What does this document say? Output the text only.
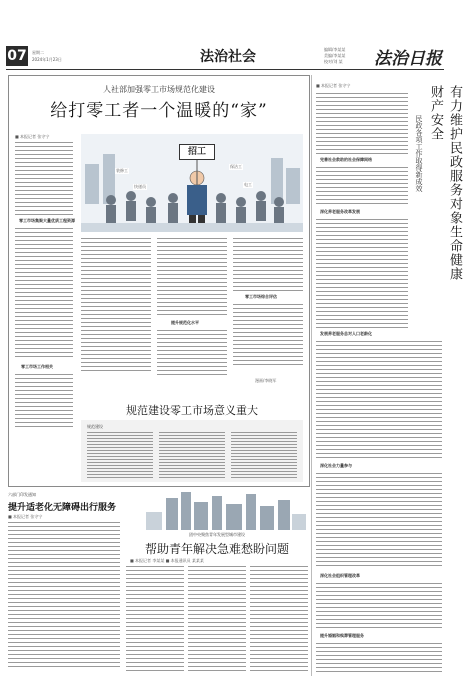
07	星期二
2024年1月23日	法治社会	编辑/李某某
美编/李某某
校对/刘 某	法治日报
人社部加强零工市场规范化建设
给打零工者一个温暖的“家”
■ 本报记者 张守宁
零工市场集聚大量优质工程资源
零工市场工作相关
招工
装修工
保洁工
快递员	电工
提升规范化水平
零工市场综合评估
漫画/李晓军
规范建设零工市场意义重大
规范建设
六部门印发通知
提升适老化无障碍出行服务
■ 本报记者 张守宁
团中央聚焦青年发展型城市建设
帮助青年解决急难愁盼问题
■ 本报记者 李某某 ■ 本报通讯员 某某某
■ 本报记者 张守宁	有力维护民政服务对象生命健康财产安全
民政各项工作取得新成效
完善社会救助的社会保障网络
深化养老服务改革发展
发展养老服务总对人口老龄化
深化社会力量参与
深化社会组织管理改革
提升婚姻和殡葬管理服务
